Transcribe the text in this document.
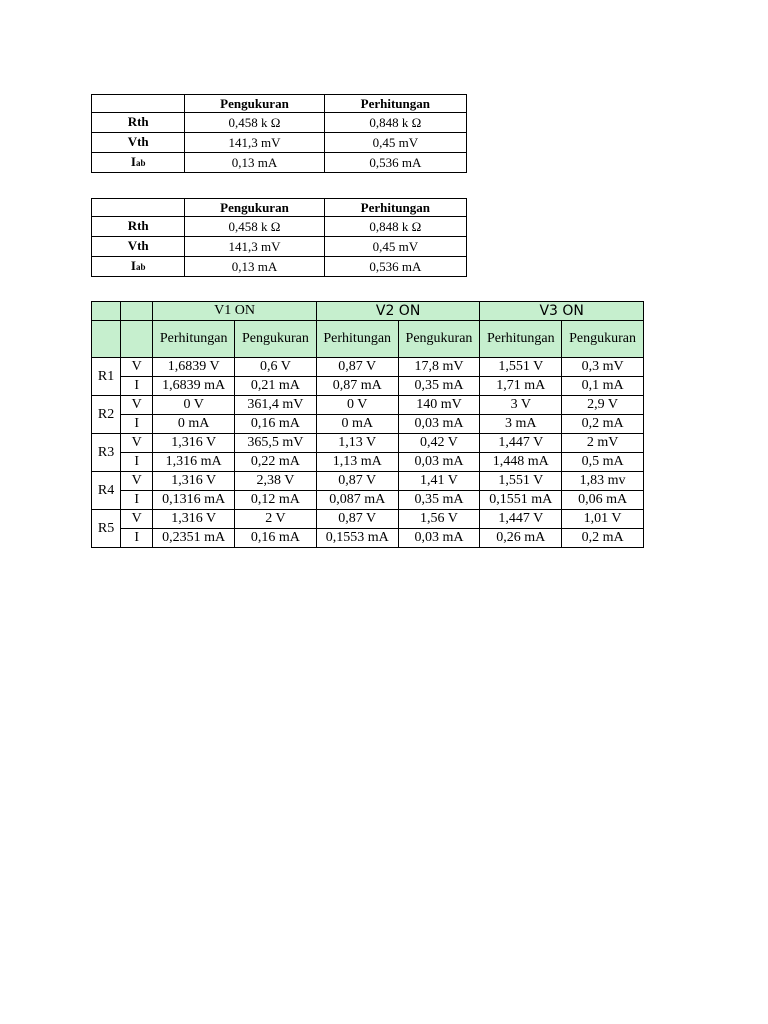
	Pengukuran	Perhitungan
Rth	0,458 k Ω	0,848 k Ω
Vth	141,3 mV	0,45 mV
Iab	0,13 mA	0,536 mA
	Pengukuran	Perhitungan
Rth	0,458 k Ω	0,848 k Ω
Vth	141,3 mV	0,45 mV
Iab	0,13 mA	0,536 mA
		V1 ON		V2 ON		V3 ON	

		Perhitungan	Pengukuran	Perhitungan	Pengukuran	Perhitungan	Pengukuran

R1	V	1,6839 V	0,6 V	0,87 V	17,8 mV	1,551 V	0,3 mV
	I	1,6839 mA	0,21 mA	0,87 mA	0,35 mA	1,71 mA	0,1 mA
R2	V	0 V	361,4 mV	0 V	140 mV	3 V	2,9 V
	I	0 mA	0,16 mA	0 mA	0,03 mA	3 mA	0,2 mA
R3	V	1,316 V	365,5 mV	1,13 V	0,42 V	1,447 V	2 mV
	I	1,316 mA	0,22 mA	1,13 mA	0,03 mA	1,448 mA	0,5 mA
R4	V	1,316 V	2,38 V	0,87 V	1,41 V	1,551 V	1,83 mv
	I	0,1316 mA	0,12 mA	0,087 mA	0,35 mA	0,1551 mA	0,06 mA
R5	V	1,316 V	2 V	0,87 V	1,56 V	1,447 V	1,01 V
	I	0,2351 mA	0,16 mA	0,1553 mA	0,03 mA	0,26 mA	0,2 mA
